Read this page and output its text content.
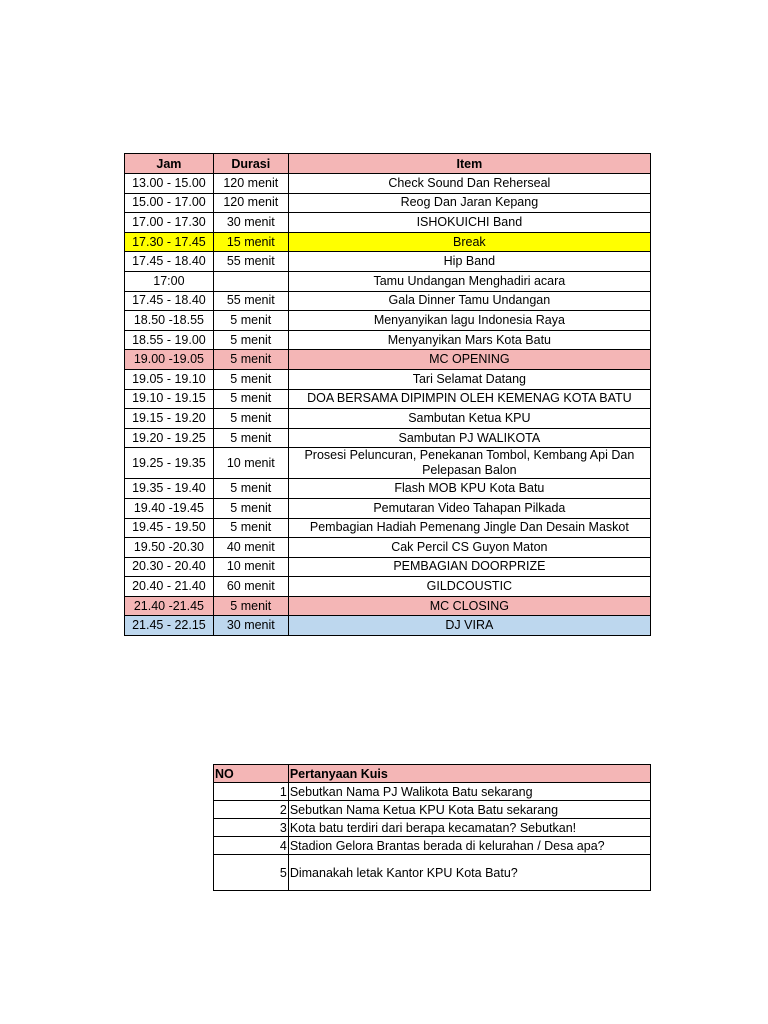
Jam	Durasi	Item
13.00 - 15.00	120 menit	Check Sound Dan Reherseal
15.00 - 17.00	120 menit	Reog Dan Jaran Kepang
17.00 - 17.30	30 menit	ISHOKUICHI Band
17.30 - 17.45	15 menit	Break
17.45 - 18.40	55 menit	Hip Band
17:00		Tamu Undangan Menghadiri acara
17.45 - 18.40	55 menit	Gala Dinner Tamu Undangan
18.50 -18.55	5 menit	Menyanyikan lagu Indonesia Raya
18.55 - 19.00	5 menit	Menyanyikan Mars Kota Batu
19.00 -19.05	5 menit	MC OPENING
19.05 - 19.10	5 menit	Tari Selamat Datang
19.10 - 19.15	5 menit	DOA BERSAMA DIPIMPIN OLEH KEMENAG KOTA BATU
19.15 - 19.20	5 menit	Sambutan Ketua KPU
19.20 - 19.25	5 menit	Sambutan PJ WALIKOTA
19.25 - 19.35	10 menit	Prosesi Peluncuran, Penekanan Tombol, Kembang Api Dan Pelepasan Balon
19.35 - 19.40	5 menit	Flash MOB KPU Kota Batu
19.40 -19.45	5 menit	Pemutaran Video Tahapan Pilkada
19.45 - 19.50	5 menit	Pembagian Hadiah Pemenang Jingle Dan Desain Maskot
19.50 -20.30	40 menit	Cak Percil CS Guyon Maton
20.30 - 20.40	10 menit	PEMBAGIAN DOORPRIZE
20.40 - 21.40	60 menit	GILDCOUSTIC
21.40 -21.45	5 menit	MC CLOSING
21.45 - 22.15	30 menit	DJ VIRA
NO	Pertanyaan Kuis
1	Sebutkan Nama PJ Walikota Batu sekarang
2	Sebutkan Nama Ketua KPU Kota Batu sekarang
3	Kota batu terdiri dari berapa kecamatan? Sebutkan!
4	Stadion Gelora Brantas berada di kelurahan / Desa apa?
5	Dimanakah letak Kantor KPU Kota Batu?
